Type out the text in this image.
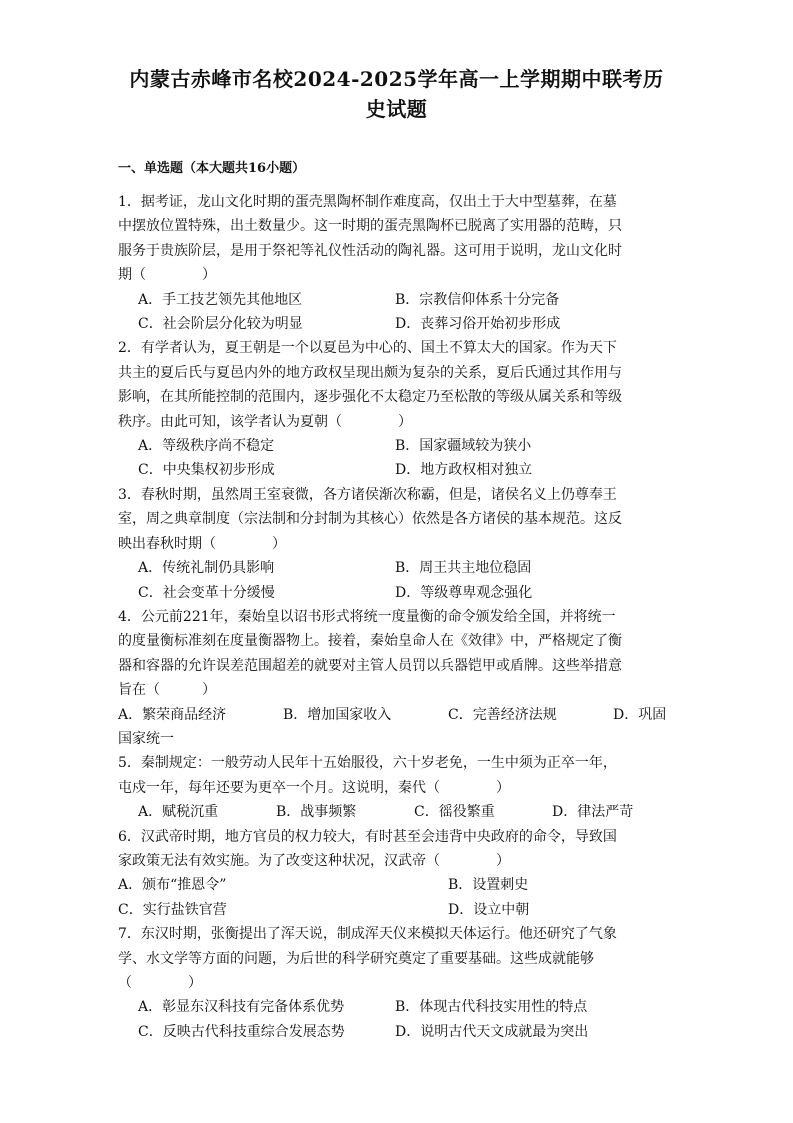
内蒙古赤峰市名校2024-2025学年高一上学期期中联考历
史试题
一、单选题（本大题共16小题）
1．据考证，龙山文化时期的蛋壳黑陶杯制作难度高，仅出土于大中型墓葬，在墓
中摆放位置特殊，出土数量少。这一时期的蛋壳黑陶杯已脱离了实用器的范畴，只
服务于贵族阶层，是用于祭祀等礼仪性活动的陶礼器。这可用于说明，龙山文化时
期（　　　　）
A．手工技艺领先其他地区	B．宗教信仰体系十分完备
C．社会阶层分化较为明显	D．丧葬习俗开始初步形成
2．有学者认为，夏王朝是一个以夏邑为中心的、国土不算太大的国家。作为天下
共主的夏后氏与夏邑内外的地方政权呈现出颇为复杂的关系，夏后氏通过其作用与
影响，在其所能控制的范围内，逐步强化不太稳定乃至松散的等级从属关系和等级
秩序。由此可知，该学者认为夏朝（　　　　）
A．等级秩序尚不稳定	B．国家疆域较为狭小
C．中央集权初步形成	D．地方政权相对独立
3．春秋时期，虽然周王室衰微，各方诸侯渐次称霸，但是，诸侯名义上仍尊奉王
室，周之典章制度（宗法制和分封制为其核心）依然是各方诸侯的基本规范。这反
映出春秋时期（　　　　）
A．传统礼制仍具影响	B．周王共主地位稳固
C．社会变革十分缓慢	D．等级尊卑观念强化
4．公元前221年，秦始皇以诏书形式将统一度量衡的命令颁发给全国，并将统一
的度量衡标准刻在度量衡器物上。接着，秦始皇命人在《效律》中，严格规定了衡
器和容器的允许误差范围超差的就要对主管人员罚以兵器铠甲或盾牌。这些举措意
旨在（　　　）
A．繁荣商品经济	B．增加国家收入	C．完善经济法规	D．巩固
国家统一
5．秦制规定：一般劳动人民年十五始服役，六十岁老免，一生中须为正卒一年，
屯戍一年，每年还要为更卒一个月。这说明，秦代（　　　　）
A．赋税沉重	B．战事频繁	C．徭役繁重	D．律法严苛
6．汉武帝时期，地方官员的权力较大，有时甚至会违背中央政府的命令，导致国
家政策无法有效实施。为了改变这种状况，汉武帝（　　　　）
A．颁布“推恩令”	B．设置刺史
C．实行盐铁官营	D．设立中朝
7．东汉时期，张衡提出了浑天说，制成浑天仪来模拟天体运行。他还研究了气象
学、水文学等方面的问题，为后世的科学研究奠定了重要基础。这些成就能够
（　　　　）
A．彰显东汉科技有完备体系优势	B．体现古代科技实用性的特点
C．反映古代科技重综合发展态势	D．说明古代天文成就最为突出
